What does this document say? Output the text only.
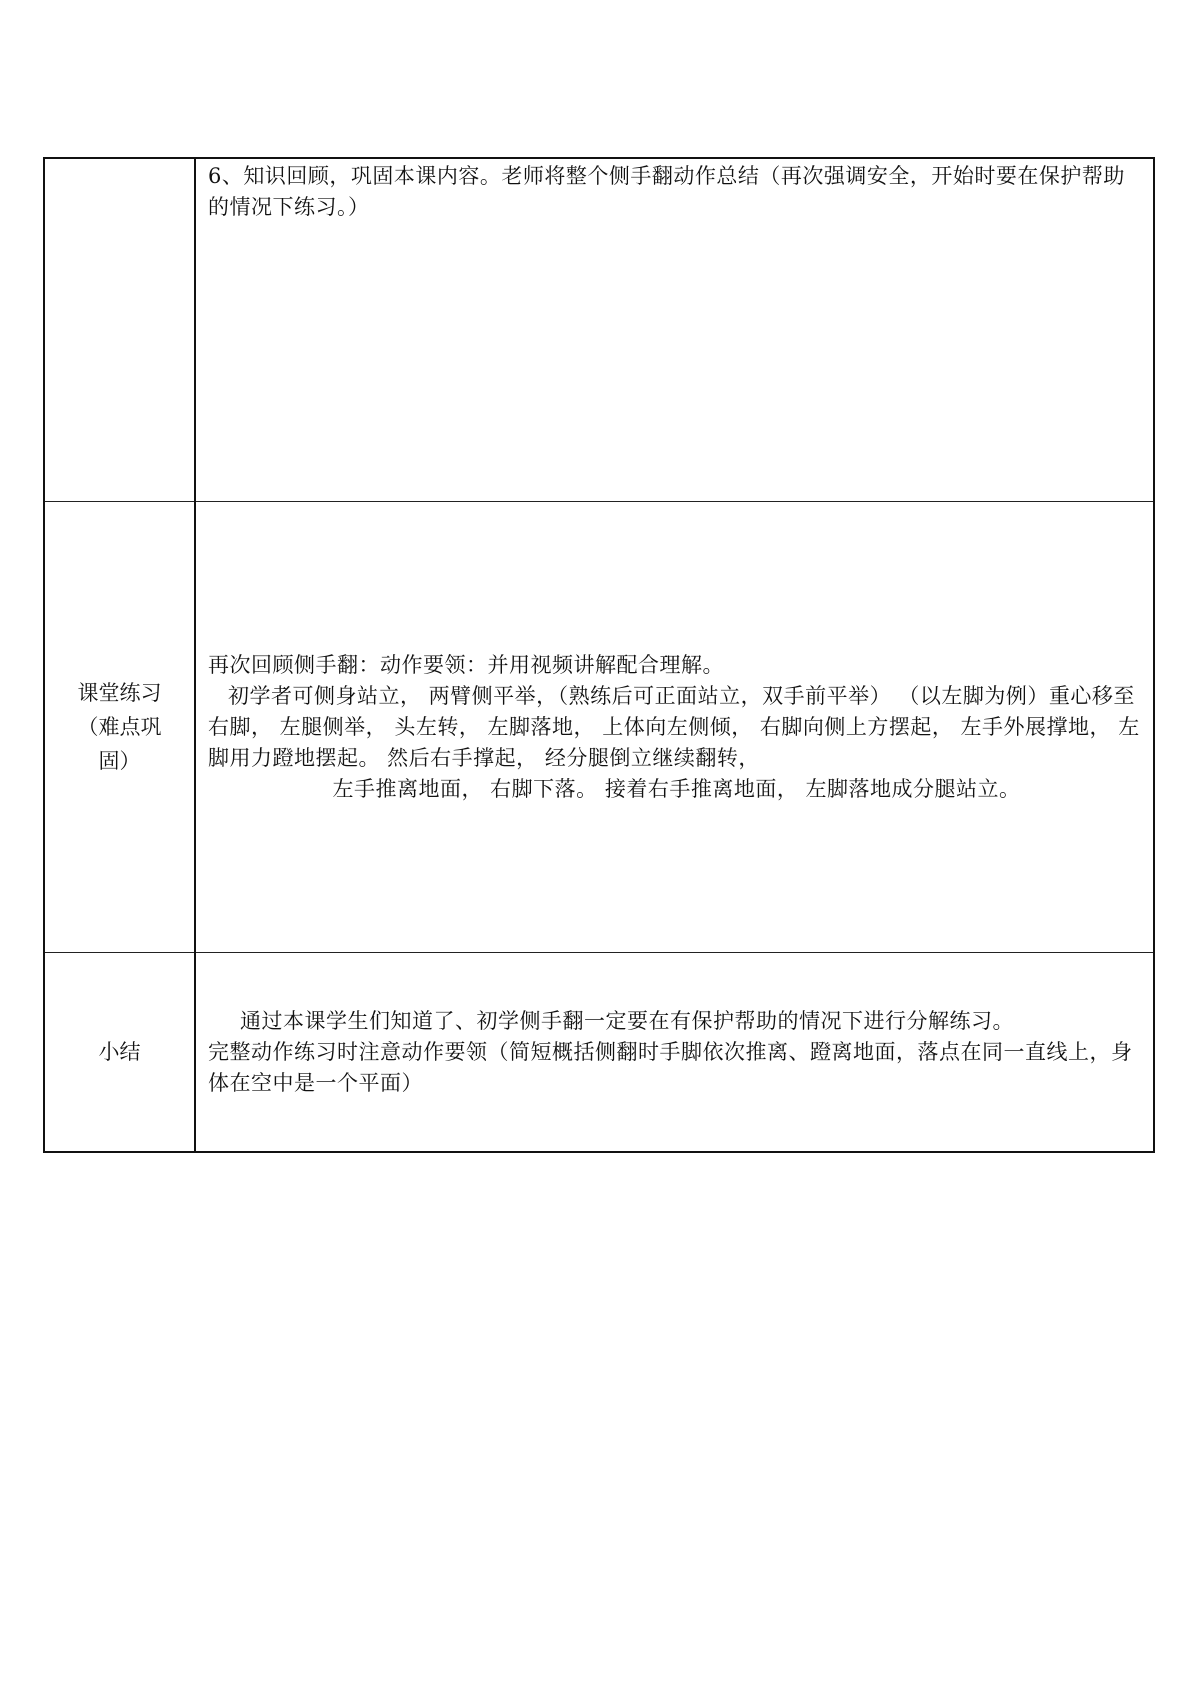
	6、知识回顾，巩固本课内容。老师将整个侧手翻动作总结（再次强调安全，开始时要在保护帮助的情况下练习。）

课堂练习（难点巩固）	再次回顾侧手翻：动作要领：并用视频讲解配合理解。

初学者可侧身站立， 两臂侧平举，（熟练后可正面站立，双手前平举） （以左脚为例）重心移至右脚， 左腿侧举， 头左转， 左脚落地， 上体向左侧倾， 右脚向侧上方摆起， 左手外展撑地， 左脚用力蹬地摆起。 然后右手撑起， 经分腿倒立继续翻转，

左手推离地面， 右脚下落。 接着右手推离地面， 左脚落地成分腿站立。

小结	通过本课学生们知道了、初学侧手翻一定要在有保护帮助的情况下进行分解练习。

完整动作练习时注意动作要领（简短概括侧翻时手脚依次推离、蹬离地面，落点在同一直线上，身体在空中是一个平面）
